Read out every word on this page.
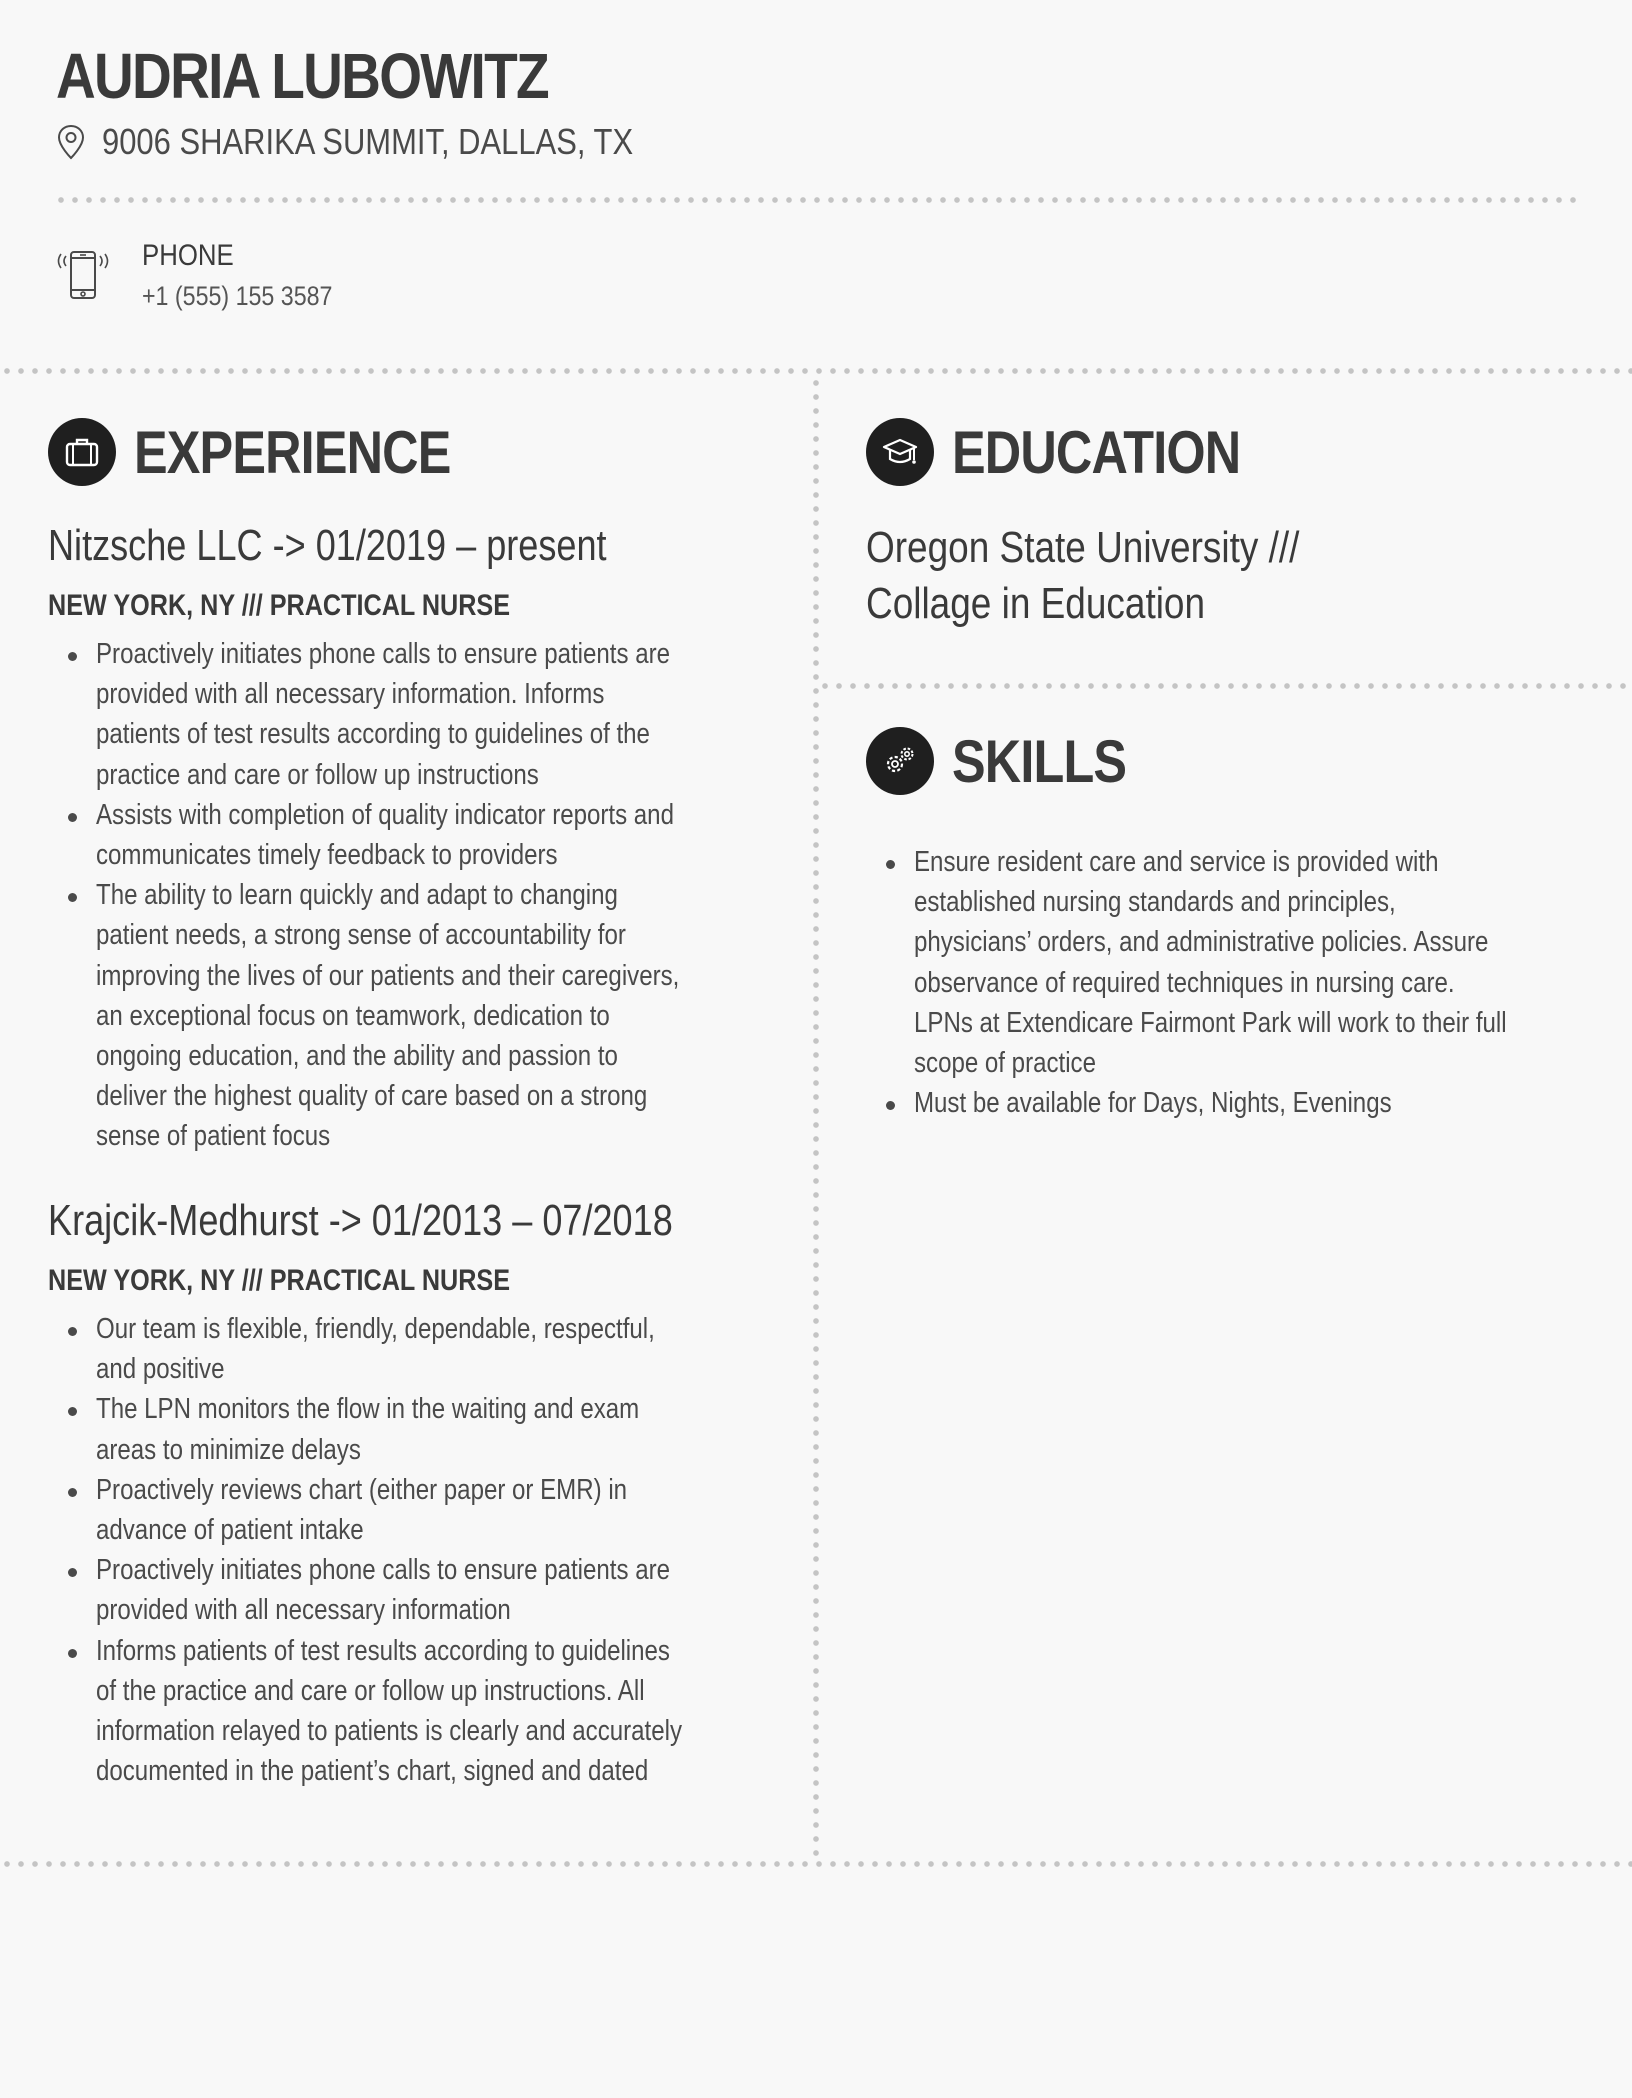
AUDRIA LUBOWITZ
9006 SHARIKA SUMMIT, DALLAS, TX
PHONE
+1 (555) 155 3587
EXPERIENCE
Nitzsche LLC -> 01/2019 – present
NEW YORK, NY /// PRACTICAL NURSE
Proactively initiates phone calls to ensure patients are provided with all necessary information. Informs patients of test results according to guidelines of the practice and care or follow up instructions
Assists with completion of quality indicator reports and communicates timely feedback to providers
The ability to learn quickly and adapt to changing patient needs, a strong sense of accountability for improving the lives of our patients and their caregivers, an exceptional focus on teamwork, dedication to ongoing education, and the ability and passion to deliver the highest quality of care based on a strong sense of patient focus
Krajcik-Medhurst -> 01/2013 – 07/2018
NEW YORK, NY /// PRACTICAL NURSE
Our team is flexible, friendly, dependable, respectful, and positive
The LPN monitors the flow in the waiting and exam areas to minimize delays
Proactively reviews chart (either paper or EMR) in advance of patient intake
Proactively initiates phone calls to ensure patients are provided with all necessary information
Informs patients of test results according to guidelines of the practice and care or follow up instructions. All information relayed to patients is clearly and accurately documented in the patient’s chart, signed and dated
EDUCATION
Oregon State University /// Collage in Education
SKILLS
Ensure resident care and service is provided with established nursing standards and principles, physicians’ orders, and administrative policies. Assure observance of required techniques in nursing care. LPNs at Extendicare Fairmont Park will work to their full scope of practice
Must be available for Days, Nights, Evenings
